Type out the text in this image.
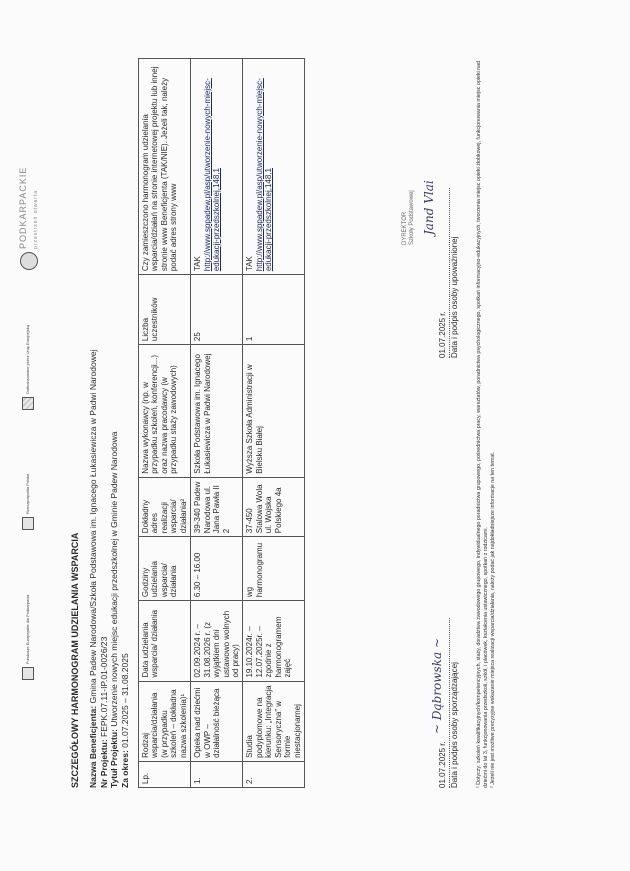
Fundusze Europejskie dla Podkarpacia
Rzeczpospolita Polska
Dofinansowane przez Unię Europejską
PODKARPACKIE przestrzeń otwarta
SZCZEGÓŁOWY HARMONOGRAM UDZIELANIA WSPARCIA Nazwa Beneficjenta: Gmina Padew Narodowa/Szkoła Podstawowa im. Ignacego Łukasiewicza w Padwi Narodowej
Nr Projektu: FEPK.07.11-IP.01-0026/23
Tytuł Projektu: Utworzenie nowych miejsc edukacji przedszkolnej w Gminie Padew Narodowa
Za okres: 01.07.2025 – 31.08.2025
Lp.	Rodzaj wsparcia/działania (w przypadku szkoleń – dokładna nazwa szkolenia)¹	Data udzielania wsparcia/ działania	Godziny udzielania wsparcia/ działania	Dokładny adres realizacji wsparcia/ działania²	Nazwa wykonawcy (np. w przypadku szkoleń, konferencji...) oraz nazwa pracodawcy (w przypadku staży zawodowych)	Liczba uczestników	Czy zamieszczono harmonogram udzielania wsparcia/działań na stronie internetowej projektu lub innej stronie www Beneficjenta (TAK/NIE). Jeżeli tak, należy podać adres strony www
1.	Opieka nad dziećmi w OWP – działalność bieżąca	02.09.2024 r. – 31.08.2026 r. (z wyjątkiem dni ustawowo wolnych od pracy)	6.30 – 16.00	39-340 Padew Narodowa ul. Jana Pawła II 2	Szkoła Podstawowa im. Ignacego Łukasiewicza w Padwi Narodowej	25	TAK http://www.sppadew.pl/asp/utworzenie-nowych-miejsc-edukacji-przedszkolnej,148,1
2.	Studia podyplomowe na kierunku: „Integracja Sensoryczna” w formie niestacjonarnej	19.10.2024r. – 12.07.2025r. – zgodnie z harmonogramem zajęć	wg harmonogramu	37-450 Stalowa Wola ul. Wojska Polskiego 4a	Wyższa Szkoła Administracji w Bielsku Białej	1	TAK http://www.sppadew.pl/asp/utworzenie-nowych-miejsc-edukacji-przedszkolnej,148,1
01.07.2025 r. Data i podpis osoby sporządzającej
~ Dąbrowska ~
01.07.2025 r. Data i podpis osoby upoważnionej
DYREKTOR Szkoły Podstawowej Jand Vlai	¹ Dotyczy: szkoleń kwalifikacyjnych/kompetencyjnych, staży, doradztwa zawodowego grupowego, indywidualnego poradnictwa grupowego, pośrednictwa pracy, warsztatów, poradnictwa psychologicznego, spotkań informacyjno-edukacyjnych, tworzenia miejsc opieki żłobkowej, funkcjonowania miejsc opieki nad dziećmi do lat 3, funkcjonowania przedszkoli, szkół, i placówek, kształcenia ustawicznego, spotkań z rodzicami. ² Jeżeli nie jest możliwe precyzyjne wskazanie miejsca realizacji wsparcia/działania, należy podać jak najdokładniejsze informacje na ten temat.
